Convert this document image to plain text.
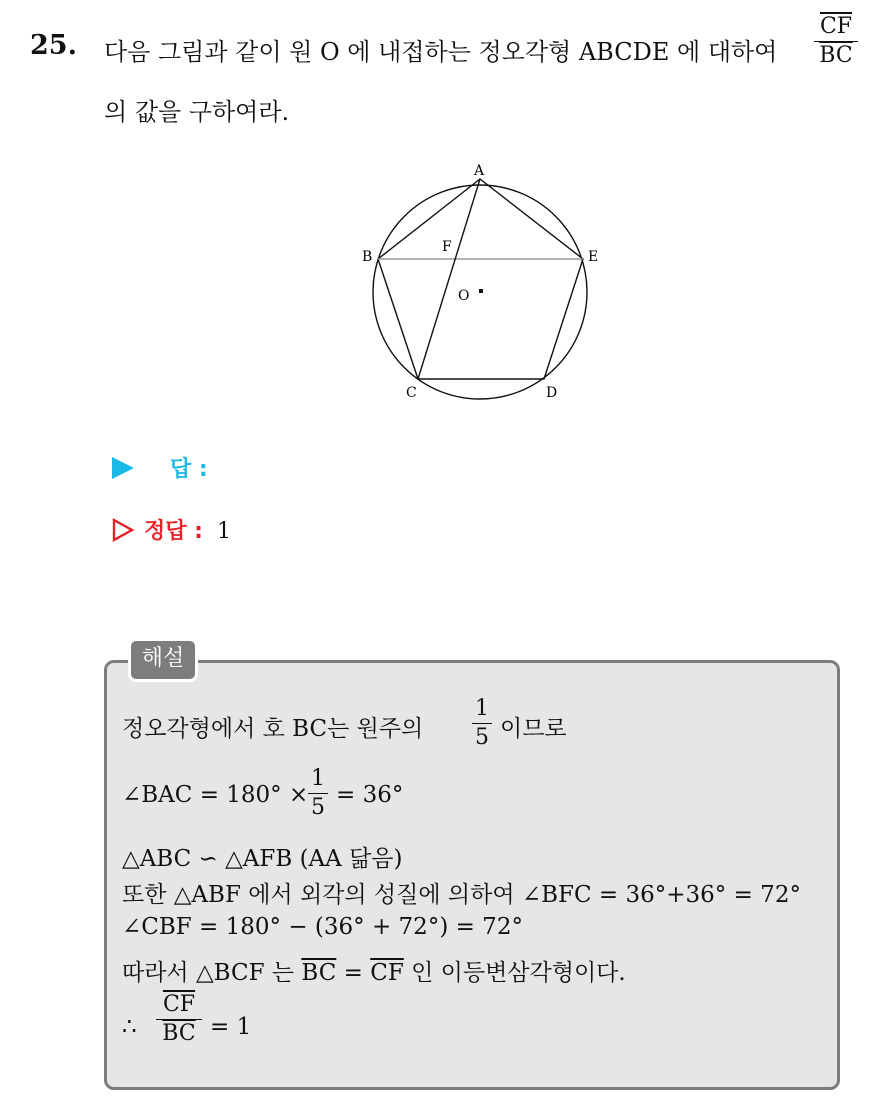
25. 다음 그림과 같이 원 O 에 내접하는 정오각형 ABCDE 에 대하여 $\frac{\overline{CF}}{BC}$
의 값을 구하여라.
A
B
C	D
E
F
O
답 :
정답 : 1
해설
정오각형에서 호 BC는 원주의
1
5 이므로
∠BAC = 180° ×
1
5 = 36°
△ABC ∽ △AFB (AA 닮음)
또한 △ABF 에서 외각의 성질에 의하여 ∠BFC = 36°+36° = 72°
∠CBF = 180° − (36° + 72°) = 72°
따라서 △BCF 는 $\overline{BC} = \overline{CF}$ 인 이등변삼각형이다.
∴ $\frac{\overline{CF}}{BC} = 1$
